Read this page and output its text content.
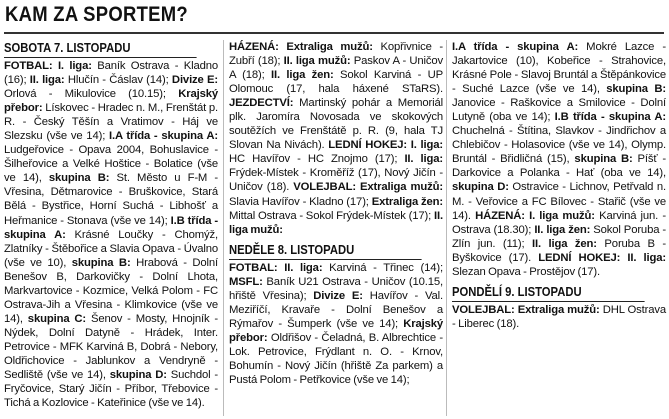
KAM ZA SPORTEM?
SOBOTA 7. LISTOPADU

FOTBAL: I. liga: Baník Ostrava - Kladno (16); II. liga: Hlučín - Čáslav (14); Divize E: Orlová - Mikulovice (10.15); Krajský přebor: Lískovec - Hradec n. M., Frenštát p. R. - Český Těšín a Vratimov - Háj ve Slezsku (vše ve 14); I.A třída - skupina A: Ludgeřovice - Opava 2004, Bohuslavice - Šilheřovice a Velké Hoštice - Bolatice (vše ve 14), skupina B: St. Město u F-M - Vřesina, Dětmarovice - Bruškovice, Stará Bělá - Bystřice, Horní Suchá - Libhošť a Heřmanice - Stonava (vše ve 14); I.B třída - skupina A: Krásné Loučky - Chomýž, Zlatníky - Štěbořice a Slavia Opava - Úvalno (vše ve 10), skupina B: Hrabová - Dolní Benešov B, Darkovičky - Dolní Lhota, Markvartovice - Kozmice, Velká Polom - FC Ostrava-Jih a Vřesina - Klimkovice (vše ve 14), skupina C: Šenov - Mosty, Hnojník - Nýdek, Dolní Datyně - Hrádek, Inter. Petrovice - MFK Karviná B, Dobrá - Nebory, Oldřichovice - Jablunkov a Vendryně - Sedliště (vše ve 14), skupina D: Suchdol - Fryčovice, Starý Jičín - Příbor, Třebovice - Tichá a Kozlovice - Kateřinice (vše ve 14).

HÁZENÁ: Extraliga mužů: Kopřivnice - Zubří (18); II. liga mužů: Paskov A - Uničov A (18); II. liga žen: Sokol Karviná - UP Olomouc (17, hala háxené STaRS). JEZDECTVÍ: Martinský pohár a Memoriál plk. Jaromíra Novosada ve skokových soutěžích ve Frenštátě p. R. (9, hala TJ Slovan Na Nivách). LEDNÍ HOKEJ: I. liga: HC Havířov - HC Znojmo (17); II. liga: Frýdek-Místek - Kroměříž (17), Nový Jičín - Uničov (18). VOLEJBAL: Extraliga mužů: Slavia Havířov - Kladno (17); Extraliga žen: Mittal Ostrava - Sokol Frýdek-Místek (17); II. liga mužů:

NEDĚLE 8. LISTOPADU

FOTBAL: II. liga: Karviná - Třinec (14); MSFL: Baník U21 Ostrava - Uničov (10.15, hřiště Vřesina); Divize E: Havířov - Val. Meziříčí, Kravaře - Dolní Benešov a Rýmařov - Šumperk (vše ve 14); Krajský přebor: Oldřišov - Čeladná, B. Albrechtice - Lok. Petrovice, Frýdlant n. O. - Krnov, Bohumín - Nový Jičín (hřiště Za parkem) a Pustá Polom - Petřkovice (vše ve 14);

I.A třída - skupina A: Mokré Lazce - Jakartovice (10), Kobeřice - Strahovice, Krásné Pole - Slavoj Bruntál a Štěpánkovice - Suché Lazce (vše ve 14), skupina B: Janovice - Raškovice a Smilovice - Dolní Lutyně (oba ve 14); I.B třída - skupina A: Chuchelná - Štítina, Slavkov - Jindřichov a Chlebičov - Holasovice (vše ve 14), Olymp. Bruntál - Břidličná (15), skupina B: Píšť - Darkovice a Polanka - Hať (oba ve 14), skupina D: Ostravice - Lichnov, Petřvald n. M. - Veřovice a FC Bílovec - Stařič (vše ve 14). HÁZENÁ: I. liga mužů: Karviná jun. - Ostrava (18.30); II. liga žen: Sokol Poruba - Zlín jun. (11); II. liga žen: Poruba B - Byškovice (17). LEDNÍ HOKEJ: II. liga: Slezan Opava - Prostějov (17).

PONDĚLÍ 9. LISTOPADU

VOLEJBAL: Extraliga mužů: DHL Ostrava - Liberec (18).
